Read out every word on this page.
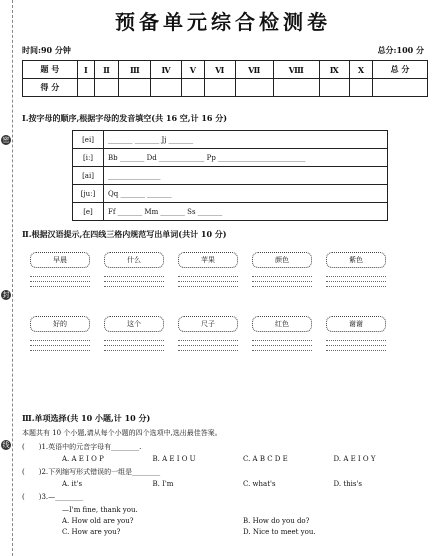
密
封
线
预备单元综合检测卷
时间:90 分钟	总分:100 分
题 号	Ⅰ	Ⅱ	Ⅲ	Ⅳ	Ⅴ	Ⅵ	Ⅶ	Ⅷ	Ⅸ	Ⅹ	总 分
得 分											
Ⅰ.按字母的顺序,根据字母的发音填空(共 16 空,计 16 分)
[ei]	_______ _______ Jj _______
[iː]	Bb _______ Dd _____________ Pp _________________________
[ai]	_______________
[juː]	Qq _______ _______
[e]	Ff _______ Mm _______ Ss _______
Ⅱ.根据汉语提示,在四线三格内规范写出单词(共计 10 分)
早晨	什么	苹果	颜色	紫色
好的	这个	尺子	红色	谢谢
Ⅲ.单项选择(共 10 小题,计 10 分)
本题共有 10 个小题,请从每个小题的四个选项中,选出最佳答案。
(　　)1.英语中的元音字母有________.
A. A E I O P	B. A E I O U	C. A B C D E	D. A E I O Y
(　　)2.下列缩写形式错误的一组是________
A. it's	B. I'm	C. what's	D. this's
(　　)3.—________
—I'm fine, thank you.
A. How old are you?	B. How do you do?
C. How are you?	D. Nice to meet you.
